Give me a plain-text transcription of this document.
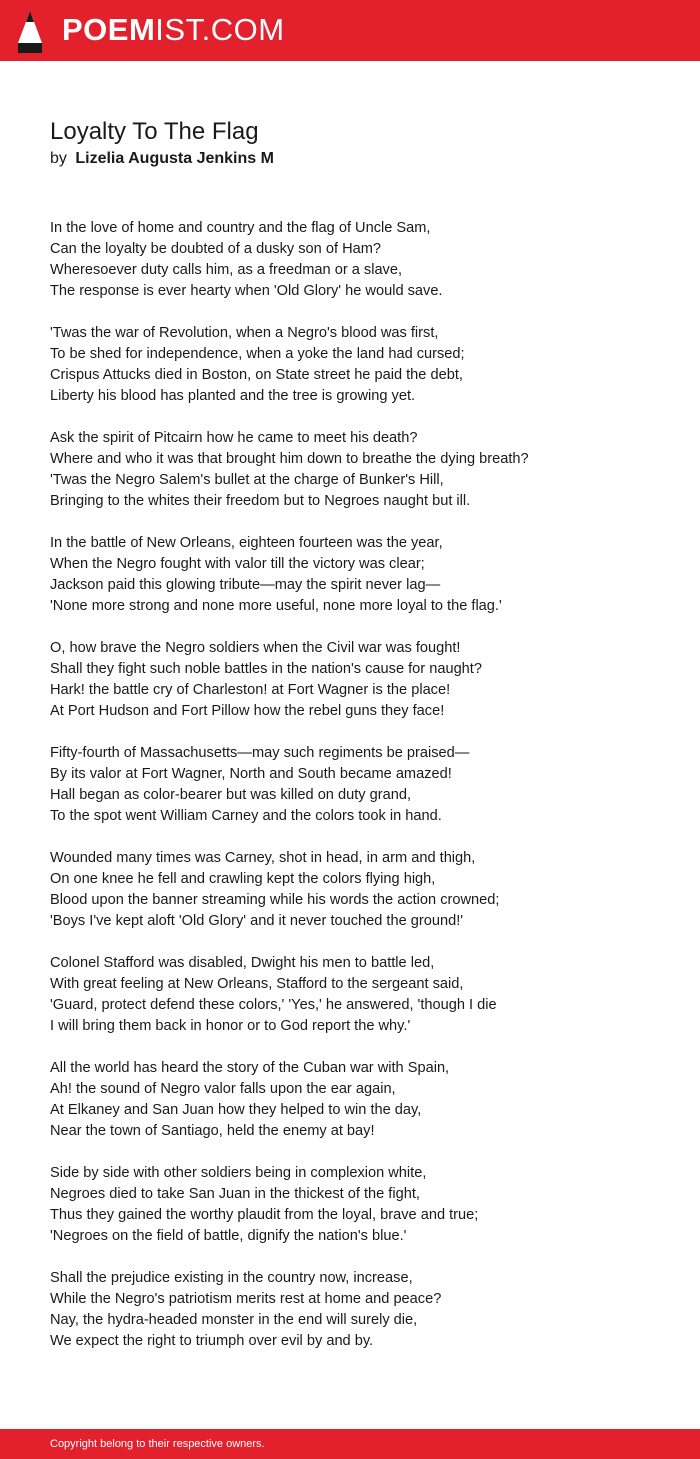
POEMIST.COM
Loyalty To The Flag
by Lizelia Augusta Jenkins M
In the love of home and country and the flag of Uncle Sam,
Can the loyalty be doubted of a dusky son of Ham?
Wheresoever duty calls him, as a freedman or a slave,
The response is ever hearty when 'Old Glory' he would save.
'Twas the war of Revolution, when a Negro's blood was first,
To be shed for independence, when a yoke the land had cursed;
Crispus Attucks died in Boston, on State street he paid the debt,
Liberty his blood has planted and the tree is growing yet.
Ask the spirit of Pitcairn how he came to meet his death?
Where and who it was that brought him down to breathe the dying breath?
'Twas the Negro Salem's bullet at the charge of Bunker's Hill,
Bringing to the whites their freedom but to Negroes naught but ill.
In the battle of New Orleans, eighteen fourteen was the year,
When the Negro fought with valor till the victory was clear;
Jackson paid this glowing tribute—may the spirit never lag—
'None more strong and none more useful, none more loyal to the flag.'
O, how brave the Negro soldiers when the Civil war was fought!
Shall they fight such noble battles in the nation's cause for naught?
Hark! the battle cry of Charleston! at Fort Wagner is the place!
At Port Hudson and Fort Pillow how the rebel guns they face!
Fifty-fourth of Massachusetts—may such regiments be praised—
By its valor at Fort Wagner, North and South became amazed!
Hall began as color-bearer but was killed on duty grand,
To the spot went William Carney and the colors took in hand.
Wounded many times was Carney, shot in head, in arm and thigh,
On one knee he fell and crawling kept the colors flying high,
Blood upon the banner streaming while his words the action crowned;
'Boys I've kept aloft 'Old Glory' and it never touched the ground!'
Colonel Stafford was disabled, Dwight his men to battle led,
With great feeling at New Orleans, Stafford to the sergeant said,
'Guard, protect defend these colors,' 'Yes,' he answered, 'though I die
I will bring them back in honor or to God report the why.'
All the world has heard the story of the Cuban war with Spain,
Ah! the sound of Negro valor falls upon the ear again,
At Elkaney and San Juan how they helped to win the day,
Near the town of Santiago, held the enemy at bay!
Side by side with other soldiers being in complexion white,
Negroes died to take San Juan in the thickest of the fight,
Thus they gained the worthy plaudit from the loyal, brave and true;
'Negroes on the field of battle, dignify the nation's blue.'
Shall the prejudice existing in the country now, increase,
While the Negro's patriotism merits rest at home and peace?
Nay, the hydra-headed monster in the end will surely die,
We expect the right to triumph over evil by and by.
Copyright belong to their respective owners.
